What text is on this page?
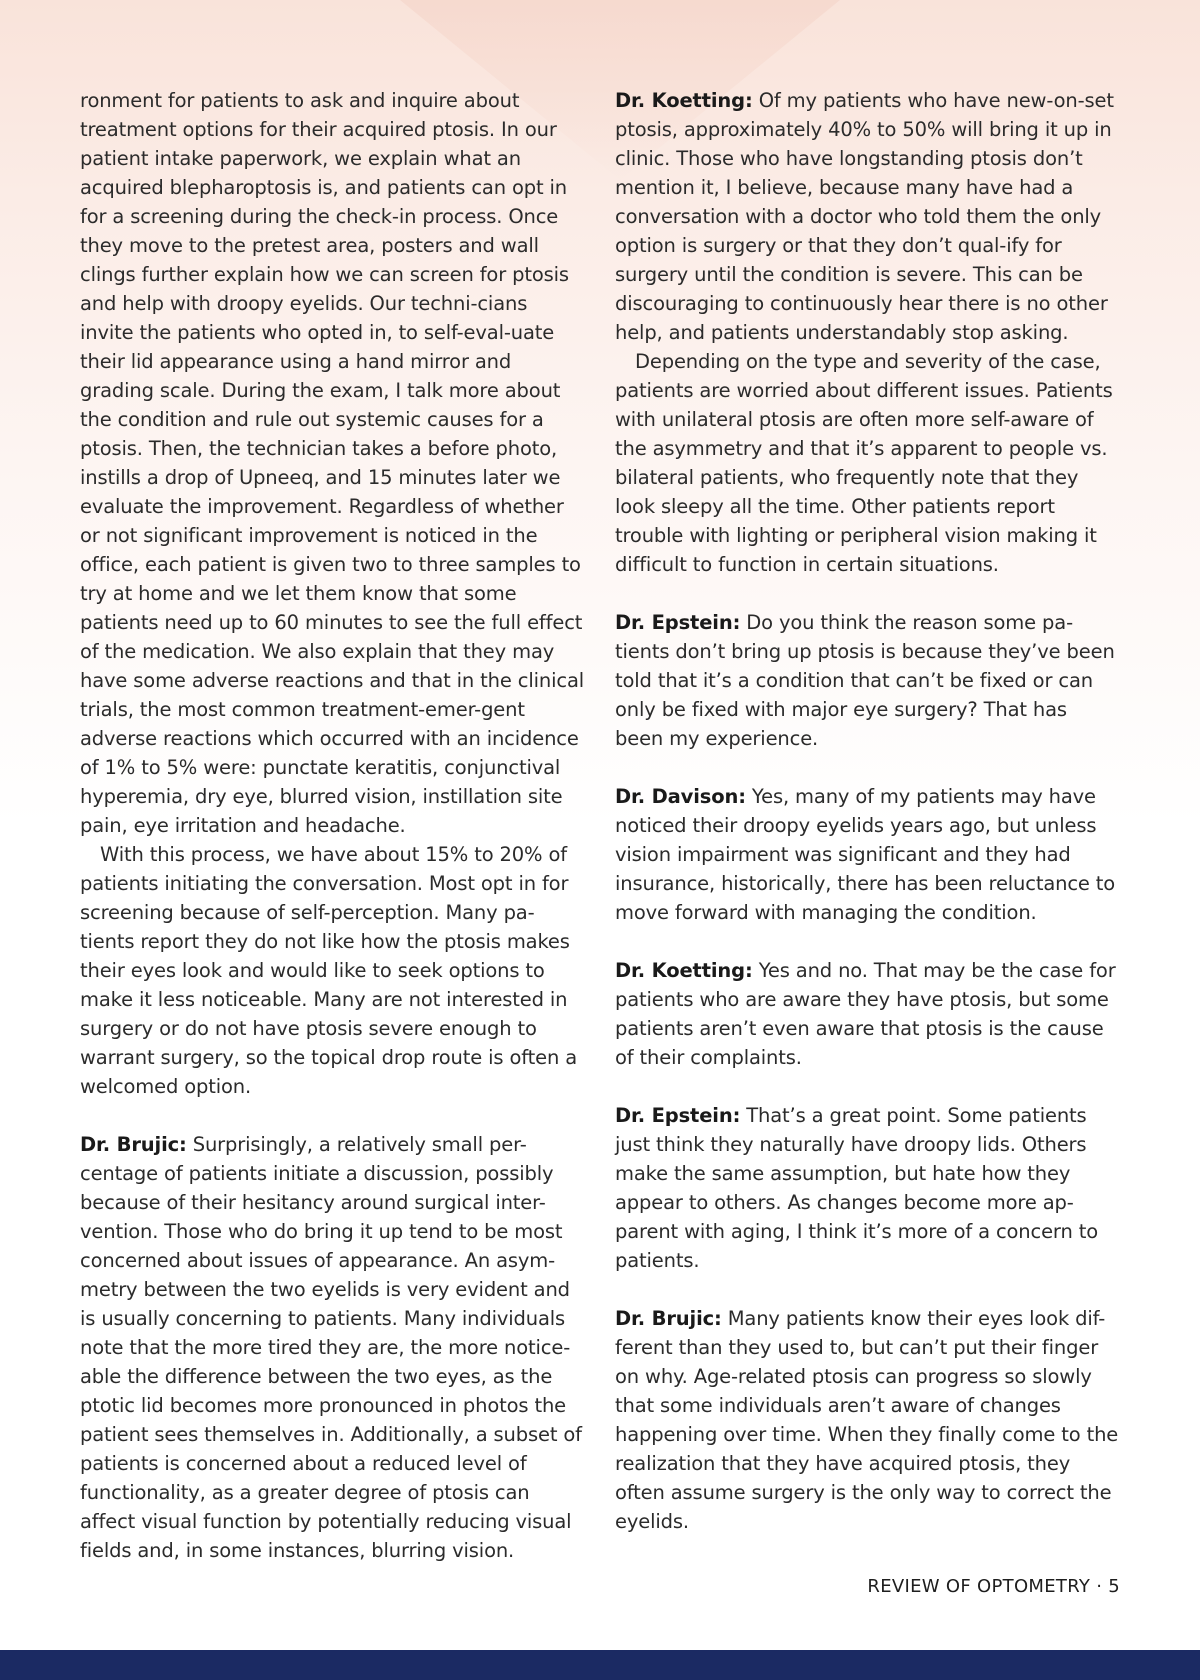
ronment for patients to ask and inquire about treatment options for their acquired ptosis. In our patient intake paperwork, we explain what an acquired blepharoptosis is, and patients can opt in for a screening during the check-in process. Once they move to the pretest area, posters and wall clings further explain how we can screen for ptosis and help with droopy eyelids. Our techni-cians invite the patients who opted in, to self-eval-uate their lid appearance using a hand mirror and grading scale. During the exam, I talk more about the condition and rule out systemic causes for a ptosis. Then, the technician takes a before photo, instills a drop of Upneeq, and 15 minutes later we evaluate the improvement. Regardless of whether or not significant improvement is noticed in the office, each patient is given two to three samples to try at home and we let them know that some patients need up to 60 minutes to see the full effect of the medication. We also explain that they may have some adverse reactions and that in the clinical trials, the most common treatment-emer-gent adverse reactions which occurred with an incidence of 1% to 5% were: punctate keratitis, conjunctival hyperemia, dry eye, blurred vision, instillation site pain, eye irritation and headache.

With this process, we have about 15% to 20% of patients initiating the conversation. Most opt in for screening because of self-perception. Many pa-tients report they do not like how the ptosis makes their eyes look and would like to seek options to make it less noticeable. Many are not interested in surgery or do not have ptosis severe enough to warrant surgery, so the topical drop route is often a welcomed option.

Dr. Brujic: Surprisingly, a relatively small per-centage of patients initiate a discussion, possibly because of their hesitancy around surgical inter-vention. Those who do bring it up tend to be most concerned about issues of appearance. An asym-metry between the two eyelids is very evident and is usually concerning to patients. Many individuals note that the more tired they are, the more notice-able the difference between the two eyes, as the ptotic lid becomes more pronounced in photos the patient sees themselves in. Additionally, a subset of patients is concerned about a reduced level of functionality, as a greater degree of ptosis can affect visual function by potentially reducing visual fields and, in some instances, blurring vision.

Dr. Koetting: Of my patients who have new-on-set ptosis, approximately 40% to 50% will bring it up in clinic. Those who have longstanding ptosis don’t mention it, I believe, because many have had a conversation with a doctor who told them the only option is surgery or that they don’t qual-ify for surgery until the condition is severe. This can be discouraging to continuously hear there is no other help, and patients understandably stop asking.

Depending on the type and severity of the case, patients are worried about different issues. Patients with unilateral ptosis are often more self-aware of the asymmetry and that it’s apparent to people vs. bilateral patients, who frequently note that they look sleepy all the time. Other patients report trouble with lighting or peripheral vision making it difficult to function in certain situations.

Dr. Epstein: Do you think the reason some pa-tients don’t bring up ptosis is because they’ve been told that it’s a condition that can’t be fixed or can only be fixed with major eye surgery? That has been my experience.

Dr. Davison: Yes, many of my patients may have noticed their droopy eyelids years ago, but unless vision impairment was significant and they had insurance, historically, there has been reluctance to move forward with managing the condition.

Dr. Koetting: Yes and no. That may be the case for patients who are aware they have ptosis, but some patients aren’t even aware that ptosis is the cause of their complaints.

Dr. Epstein: That’s a great point. Some patients just think they naturally have droopy lids. Others make the same assumption, but hate how they appear to others. As changes become more ap-parent with aging, I think it’s more of a concern to patients.

Dr. Brujic: Many patients know their eyes look dif-ferent than they used to, but can’t put their finger on why. Age-related ptosis can progress so slowly that some individuals aren’t aware of changes happening over time. When they finally come to the realization that they have acquired ptosis, they often assume surgery is the only way to correct the eyelids.

REVIEW OF OPTOMETRY · 5
